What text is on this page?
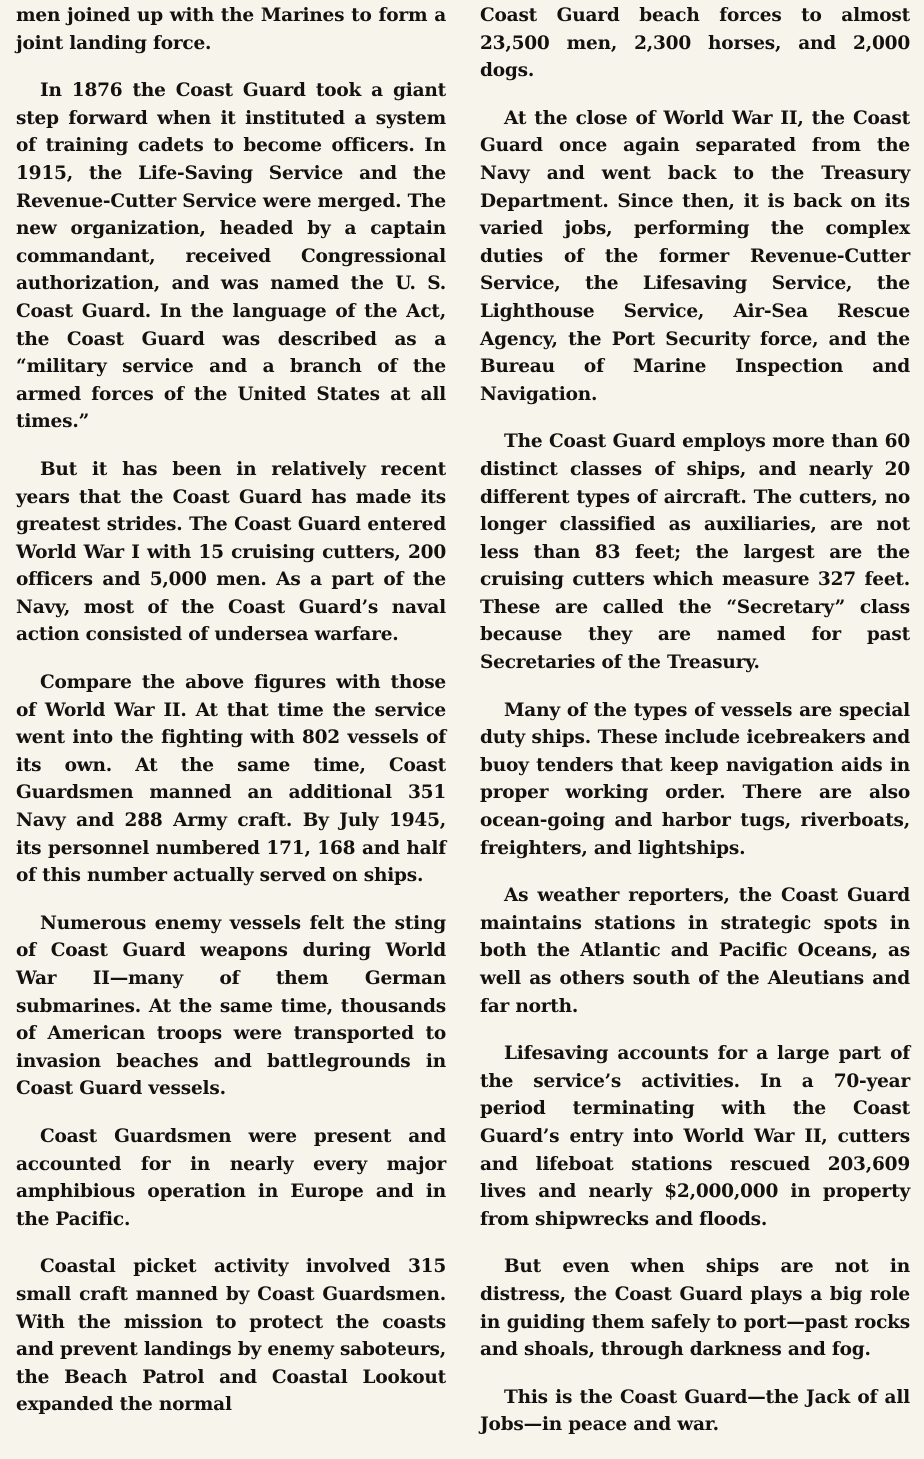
men joined up with the Marines to form a joint landing force.

In 1876 the Coast Guard took a giant step forward when it instituted a system of training cadets to become officers. In 1915, the Life-Saving Service and the Revenue-Cutter Service were merged. The new organization, headed by a captain commandant, received Congressional authorization, and was named the U. S. Coast Guard. In the language of the Act, the Coast Guard was described as a “military service and a branch of the armed forces of the United States at all times.”

But it has been in relatively recent years that the Coast Guard has made its greatest strides. The Coast Guard entered World War I with 15 cruising cutters, 200 officers and 5,000 men. As a part of the Navy, most of the Coast Guard’s naval action consisted of undersea warfare.

Compare the above figures with those of World War II. At that time the service went into the fighting with 802 vessels of its own. At the same time, Coast Guardsmen manned an additional 351 Navy and 288 Army craft. By July 1945, its personnel numbered 171, 168 and half of this number actually served on ships.

Numerous enemy vessels felt the sting of Coast Guard weapons during World War II—many of them German submarines. At the same time, thousands of American troops were transported to invasion beaches and battlegrounds in Coast Guard vessels.

Coast Guardsmen were present and accounted for in nearly every major amphibious operation in Europe and in the Pacific.

Coastal picket activity involved 315 small craft manned by Coast Guardsmen. With the mission to protect the coasts and prevent landings by enemy saboteurs, the Beach Patrol and Coastal Lookout expanded the normal

Coast Guard beach forces to almost 23,500 men, 2,300 horses, and 2,000 dogs.

At the close of World War II, the Coast Guard once again separated from the Navy and went back to the Treasury Department. Since then, it is back on its varied jobs, performing the complex duties of the former Revenue-Cutter Service, the Lifesaving Service, the Lighthouse Service, Air-Sea Rescue Agency, the Port Security force, and the Bureau of Marine Inspection and Navigation.

The Coast Guard employs more than 60 distinct classes of ships, and nearly 20 different types of aircraft. The cutters, no longer classified as auxiliaries, are not less than 83 feet; the largest are the cruising cutters which measure 327 feet. These are called the “Secretary” class because they are named for past Secretaries of the Treasury.

Many of the types of vessels are special duty ships. These include icebreakers and buoy tenders that keep navigation aids in proper working order. There are also ocean-going and harbor tugs, riverboats, freighters, and lightships.

As weather reporters, the Coast Guard maintains stations in strategic spots in both the Atlantic and Pacific Oceans, as well as others south of the Aleutians and far north.

Lifesaving accounts for a large part of the service’s activities. In a 70-year period terminating with the Coast Guard’s entry into World War II, cutters and lifeboat stations rescued 203,609 lives and nearly $2,000,000 in property from shipwrecks and floods.

But even when ships are not in distress, the Coast Guard plays a big role in guiding them safely to port—past rocks and shoals, through darkness and fog.

This is the Coast Guard—the Jack of all Jobs—in peace and war.
